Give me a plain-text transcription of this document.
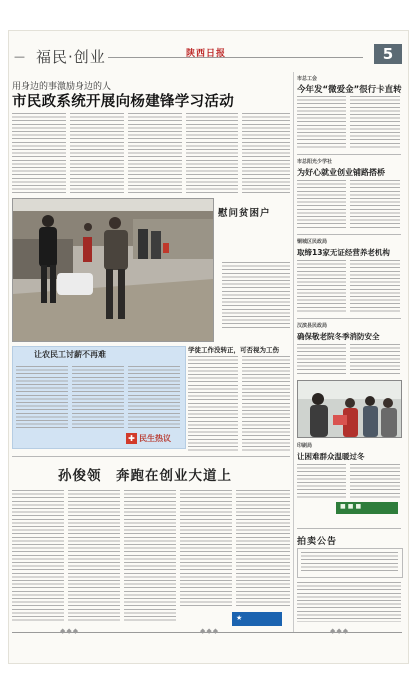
— 福民·创业	陕西日报	5
用身边的事激励身边的人
市民政系统开展向杨建锋学习活动
慰问贫困户
让农民工讨薪不再难
✚ 民生热议
学徒工作没转正，可否视为工伤
孙俊领　奔跑在创业大道上
★
市总工会
今年发“微爱金”很行卡直转
市总阳光少学社
为好心就业创业铺路搭桥
铜城区民政局
取缔13家无证经营养老机构
汉滨县民政局
确保敬老院冬季消防安全
印刷局
让困难群众温暖过冬
■ ■ ■
拍卖公告
◆◆◆	◆◆◆	◆◆◆
